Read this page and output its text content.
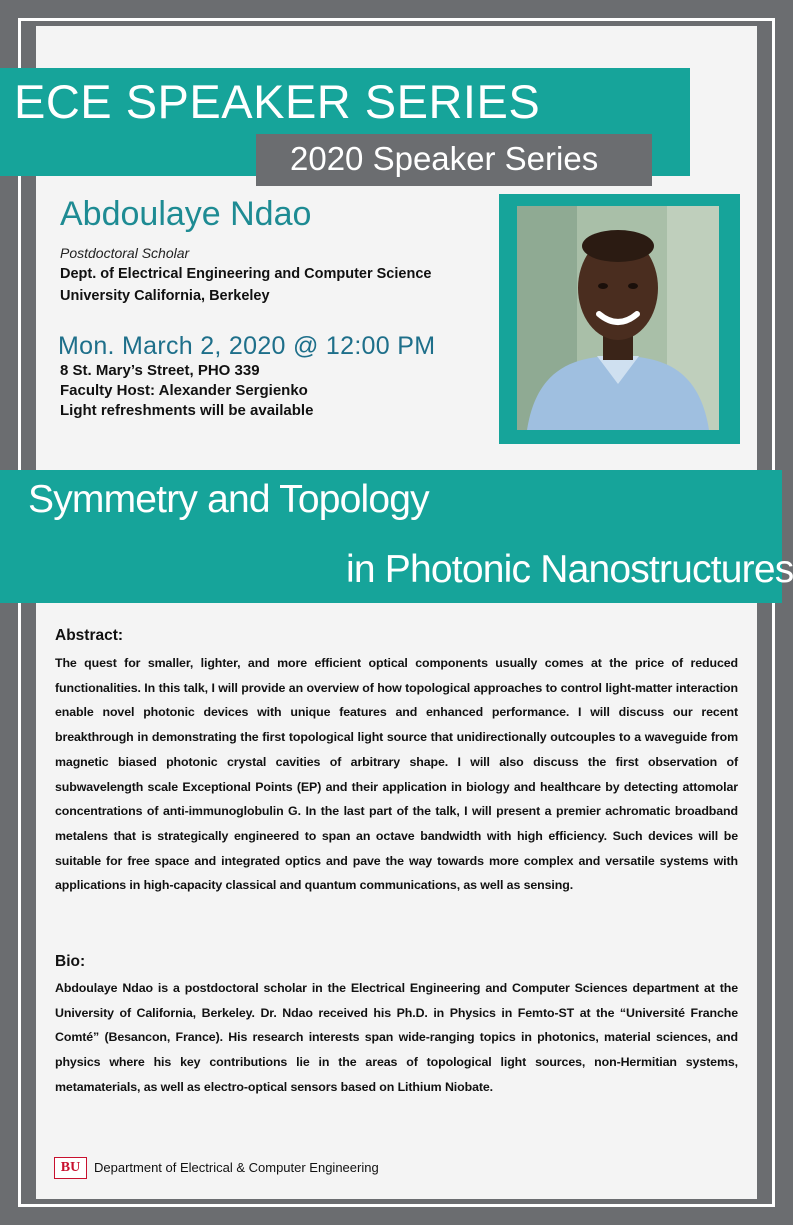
ECE SPEAKER SERIES
2020 Speaker Series
Abdoulaye Ndao
Postdoctoral Scholar
Dept. of Electrical Engineering and Computer Science
University California, Berkeley
Mon. March 2, 2020 @ 12:00 PM
8 St. Mary’s Street, PHO 339
Faculty Host: Alexander Sergienko
Light refreshments will be available
Symmetry and Topology
in Photonic Nanostructures
Abstract:
The quest for smaller, lighter, and more efficient optical components usually comes at the price of reduced functionalities. In this talk, I will provide an overview of how topological approaches to control light-matter interaction enable novel photonic devices with unique features and enhanced performance. I will discuss our recent breakthrough in demonstrating the first topological light source that unidirectionally outcouples to a waveguide from magnetic biased photonic crystal cavities of arbitrary shape. I will also discuss the first observation of subwavelength scale Exceptional Points (EP) and their application in biology and healthcare by detecting attomolar concentrations of anti-immunoglobulin G. In the last part of the talk, I will present a premier achromatic broadband metalens that is strategically engineered to span an octave bandwidth with high efficiency. Such devices will be suitable for free space and integrated optics and pave the way towards more complex and versatile systems with applications in high-capacity classical and quantum communications, as well as sensing.
Bio:
Abdoulaye Ndao is a postdoctoral scholar in the Electrical Engineering and Computer Sciences department at the University of California, Berkeley. Dr. Ndao received his Ph.D. in Physics in Femto-ST at the “Université Franche Comté” (Besancon, France). His research interests span wide-ranging topics in photonics, material sciences, and physics where his key contributions lie in the areas of topological light sources, non-Hermitian systems, metamaterials, as well as electro-optical sensors based on Lithium Niobate.
BU	Department of Electrical & Computer Engineering
